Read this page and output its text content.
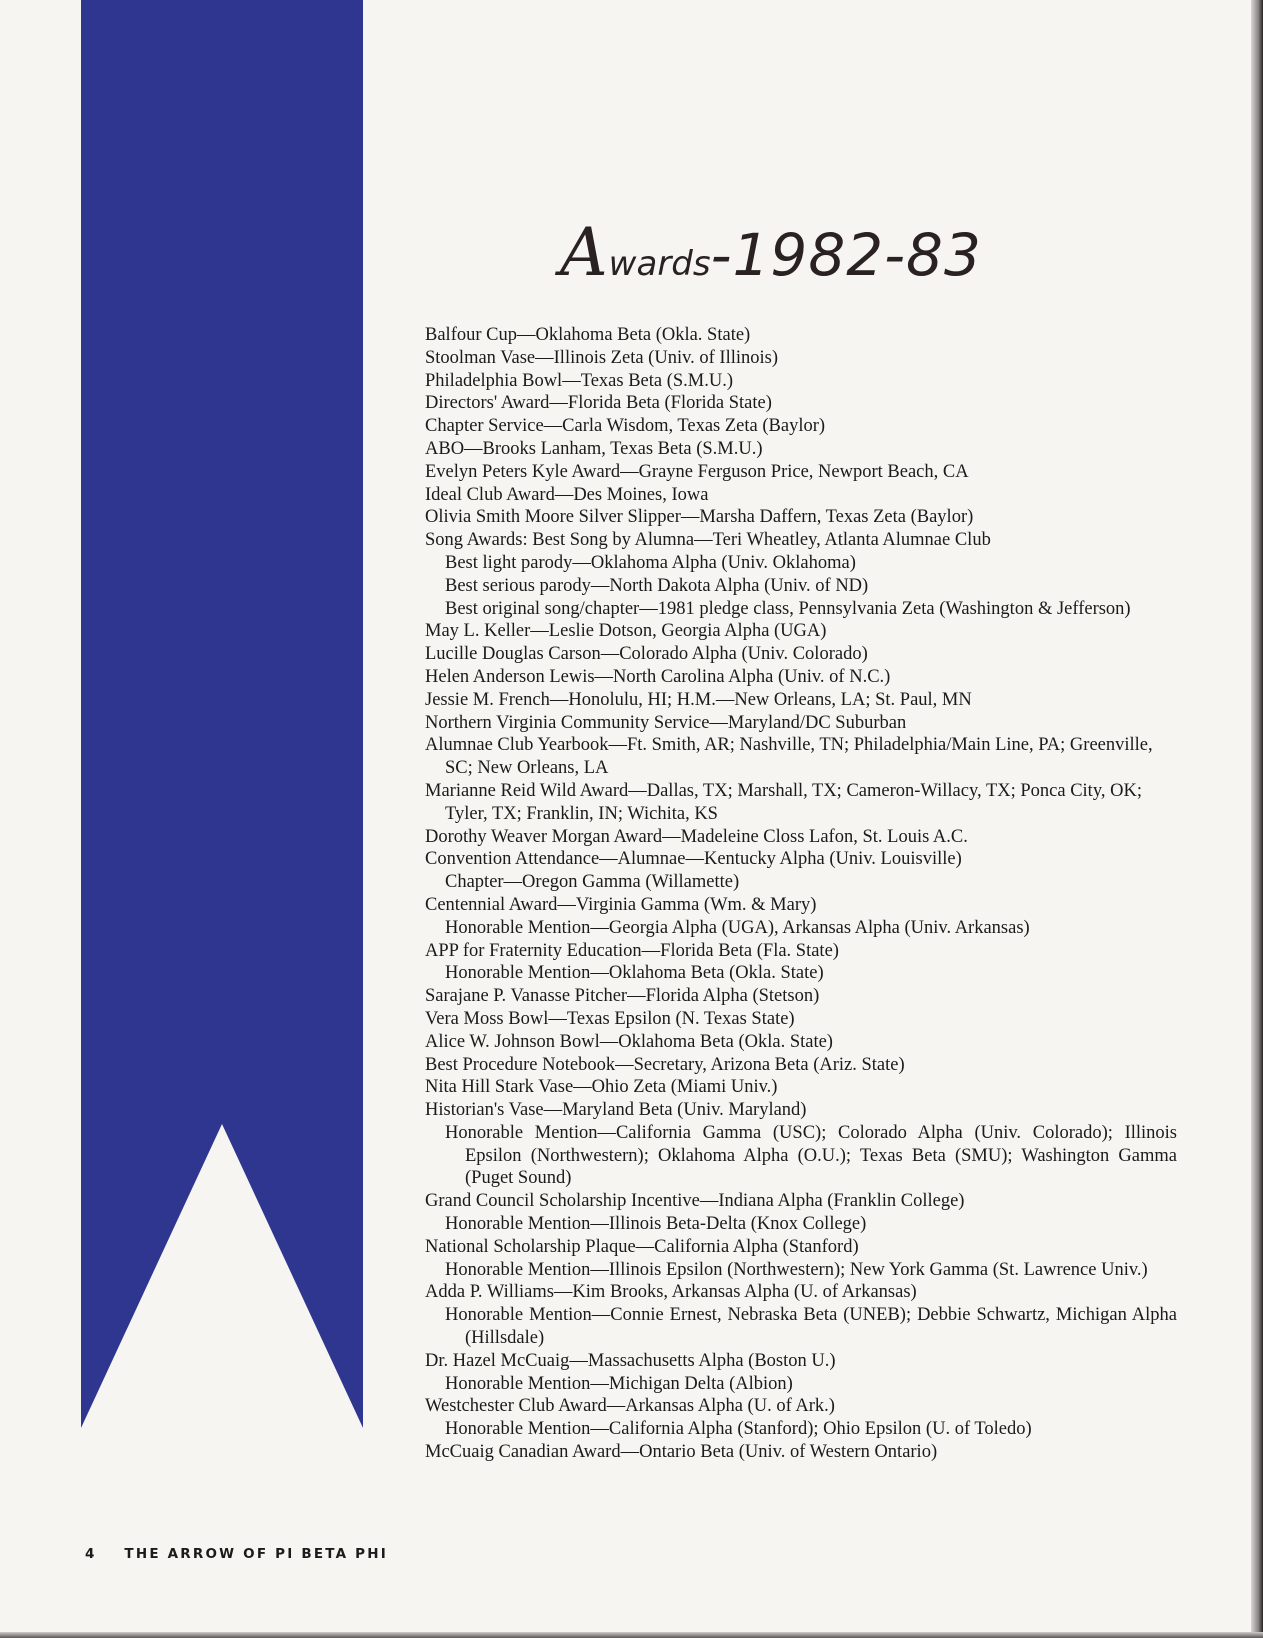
Awards-1982-83
Balfour Cup—Oklahoma Beta (Okla. State)
Stoolman Vase—Illinois Zeta (Univ. of Illinois)
Philadelphia Bowl—Texas Beta (S.M.U.)
Directors' Award—Florida Beta (Florida State)
Chapter Service—Carla Wisdom, Texas Zeta (Baylor)
ABO—Brooks Lanham, Texas Beta (S.M.U.)
Evelyn Peters Kyle Award—Grayne Ferguson Price, Newport Beach, CA
Ideal Club Award—Des Moines, Iowa
Olivia Smith Moore Silver Slipper—Marsha Daffern, Texas Zeta (Baylor)
Song Awards: Best Song by Alumna—Teri Wheatley, Atlanta Alumnae Club
Best light parody—Oklahoma Alpha (Univ. Oklahoma)
Best serious parody—North Dakota Alpha (Univ. of ND)
Best original song/chapter—1981 pledge class, Pennsylvania Zeta (Washington & Jefferson)
May L. Keller—Leslie Dotson, Georgia Alpha (UGA)
Lucille Douglas Carson—Colorado Alpha (Univ. Colorado)
Helen Anderson Lewis—North Carolina Alpha (Univ. of N.C.)
Jessie M. French—Honolulu, HI; H.M.—New Orleans, LA; St. Paul, MN
Northern Virginia Community Service—Maryland/DC Suburban
Alumnae Club Yearbook—Ft. Smith, AR; Nashville, TN; Philadelphia/Main Line, PA; Greenville, SC; New Orleans, LA
Marianne Reid Wild Award—Dallas, TX; Marshall, TX; Cameron-Willacy, TX; Ponca City, OK; Tyler, TX; Franklin, IN; Wichita, KS
Dorothy Weaver Morgan Award—Madeleine Closs Lafon, St. Louis A.C.
Convention Attendance—Alumnae—Kentucky Alpha (Univ. Louisville)
Chapter—Oregon Gamma (Willamette)
Centennial Award—Virginia Gamma (Wm. & Mary)
Honorable Mention—Georgia Alpha (UGA), Arkansas Alpha (Univ. Arkansas)
APP for Fraternity Education—Florida Beta (Fla. State)
Honorable Mention—Oklahoma Beta (Okla. State)
Sarajane P. Vanasse Pitcher—Florida Alpha (Stetson)
Vera Moss Bowl—Texas Epsilon (N. Texas State)
Alice W. Johnson Bowl—Oklahoma Beta (Okla. State)
Best Procedure Notebook—Secretary, Arizona Beta (Ariz. State)
Nita Hill Stark Vase—Ohio Zeta (Miami Univ.)
Historian's Vase—Maryland Beta (Univ. Maryland)
Honorable Mention—California Gamma (USC); Colorado Alpha (Univ. Colorado); Illinois Epsilon (Northwestern); Oklahoma Alpha (O.U.); Texas Beta (SMU); Washington Gamma (Puget Sound)
Grand Council Scholarship Incentive—Indiana Alpha (Franklin College)
Honorable Mention—Illinois Beta-Delta (Knox College)
National Scholarship Plaque—California Alpha (Stanford)
Honorable Mention—Illinois Epsilon (Northwestern); New York Gamma (St. Lawrence Univ.)
Adda P. Williams—Kim Brooks, Arkansas Alpha (U. of Arkansas)
Honorable Mention—Connie Ernest, Nebraska Beta (UNEB); Debbie Schwartz, Michigan Alpha (Hillsdale)
Dr. Hazel McCuaig—Massachusetts Alpha (Boston U.)
Honorable Mention—Michigan Delta (Albion)
Westchester Club Award—Arkansas Alpha (U. of Ark.)
Honorable Mention—California Alpha (Stanford); Ohio Epsilon (U. of Toledo)
McCuaig Canadian Award—Ontario Beta (Univ. of Western Ontario)
4 THE ARROW OF PI BETA PHI
